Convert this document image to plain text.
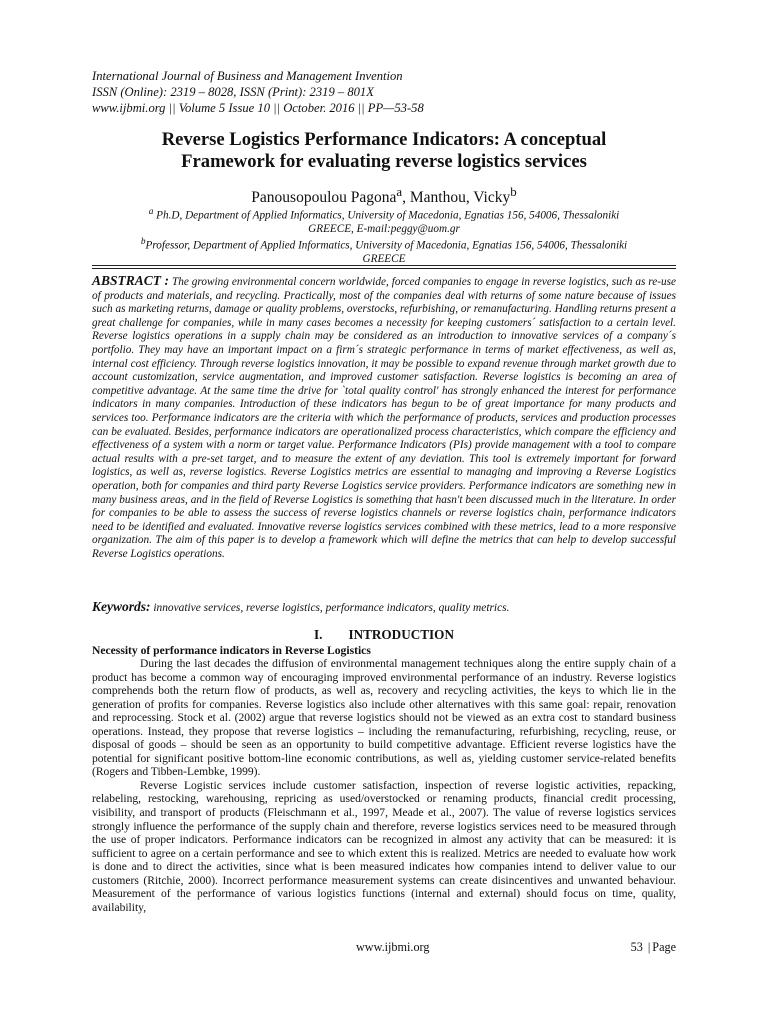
International Journal of Business and Management Invention
ISSN (Online): 2319 – 8028, ISSN (Print): 2319 – 801X
www.ijbmi.org || Volume 5 Issue 10 || October. 2016 || PP—53-58
Reverse Logistics Performance Indicators: A conceptual
Framework for evaluating reverse logistics services
Panousopoulou Pagona$^a$, Manthou, Vicky$^b$
$^a$ Ph.D, Department of Applied Informatics, University of Macedonia, Egnatias 156, 54006, Thessaloniki
GREECE, E-mail:peggy@uom.gr
$^b$Professor, Department of Applied Informatics, University of Macedonia, Egnatias 156, 54006, Thessaloniki
GREECE

ABSTRACT : The growing environmental concern worldwide, forced companies to engage in reverse logistics, such as re-use of products and materials, and recycling. Practically, most of the companies deal with returns of some nature because of issues such as marketing returns, damage or quality problems, overstocks, refurbishing, or remanufacturing. Handling returns present a great challenge for companies, while in many cases becomes a necessity for keeping customers´ satisfaction to a certain level. Reverse logistics operations in a supply chain may be considered as an introduction to innovative services of a company´s portfolio. They may have an important impact on a firm´s strategic performance in terms of market effectiveness, as well as, internal cost efficiency. Through reverse logistics innovation, it may be possible to expand revenue through market growth due to account customization, service augmentation, and improved customer satisfaction. Reverse logistics is becoming an area of competitive advantage. At the same time the drive for `total quality control' has strongly enhanced the interest for performance indicators in many companies. Introduction of these indicators has begun to be of great importance for many products and services too. Performance indicators are the criteria with which the performance of products, services and production processes can be evaluated. Besides, performance indicators are operationalized process characteristics, which compare the efficiency and effectiveness of a system with a norm or target value. Performance Indicators (PIs) provide management with a tool to compare actual results with a pre-set target, and to measure the extent of any deviation. This tool is extremely important for forward logistics, as well as, reverse logistics. Reverse Logistics metrics are essential to managing and improving a Reverse Logistics operation, both for companies and third party Reverse Logistics service providers. Performance indicators are something new in many business areas, and in the field of Reverse Logistics is something that hasn't been discussed much in the literature. In order for companies to be able to assess the success of reverse logistics channels or reverse logistics chain, performance indicators need to be identified and evaluated. Innovative reverse logistics services combined with these metrics, lead to a more responsive organization. The aim of this paper is to develop a framework which will define the metrics that can help to develop successful Reverse Logistics operations.

Keywords: innovative services, reverse logistics, performance indicators, quality metrics.
I. INTRODUCTION
Necessity of performance indicators in Reverse Logistics

During the last decades the diffusion of environmental management techniques along the entire supply chain of a product has become a common way of encouraging improved environmental performance of an industry. Reverse logistics comprehends both the return flow of products, as well as, recovery and recycling activities, the keys to which lie in the generation of profits for companies. Reverse logistics also include other alternatives with this same goal: repair, renovation and reprocessing. Stock et al. (2002) argue that reverse logistics should not be viewed as an extra cost to standard business operations. Instead, they propose that reverse logistics – including the remanufacturing, refurbishing, recycling, reuse, or disposal of goods – should be seen as an opportunity to build competitive advantage. Efficient reverse logistics have the potential for significant positive bottom-line economic contributions, as well as, yielding customer service-related benefits (Rogers and Tibben-Lembke, 1999).

Reverse Logistic services include customer satisfaction, inspection of reverse logistic activities, repacking, relabeling, restocking, warehousing, repricing as used/overstocked or renaming products, financial credit processing, visibility, and transport of products (Fleischmann et al., 1997, Meade et al., 2007). The value of reverse logistics services strongly influence the performance of the supply chain and therefore, reverse logistics services need to be measured through the use of proper indicators. Performance indicators can be recognized in almost any activity that can be measured: it is sufficient to agree on a certain performance and see to which extent this is realized. Metrics are needed to evaluate how work is done and to direct the activities, since what is been measured indicates how companies intend to deliver value to our customers (Ritchie, 2000). Incorrect performance measurement systems can create disincentives and unwanted behaviour. Measurement of the performance of various logistics functions (internal and external) should focus on time, quality, availability,

www.ijbmi.org	53 | Page
